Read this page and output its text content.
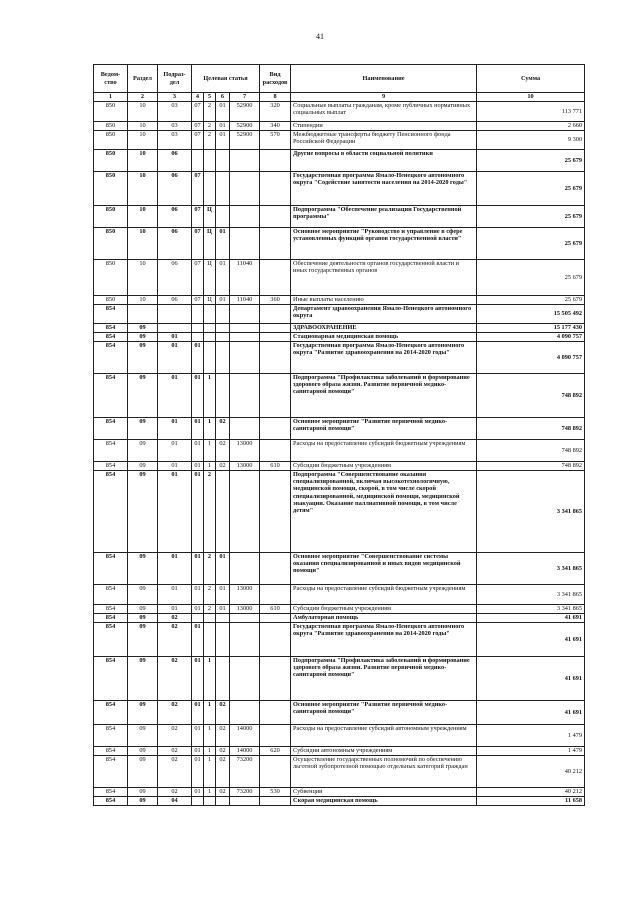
41
Ведом-ство	Раздел	Подраз-дел	Целевая статья				Вид расходов	Наименование	Сумма
1	2	3	4	5	6	7	8	9	10
850	10	03	07	2	01	52900	320	Социальные выплаты гражданам, кроме публичных нормативных социальных выплат	113 771
850	10	03	07	2	01	52900	340	Стипендии	2 660
850	10	03	07	2	01	52900	570	Межбюджетные трансферты бюджету Пенсионного фонда Российской Федерации	9 300
850	10	06						Другие вопросы в области социальной политики	25 679
850	10	06	07					Государственная программа Ямало-Ненецкого автономного округа "Содействие занятости населения на 2014-2020 годы"	25 679
850	10	06	07	Ц				Подпрограмма "Обеспечение реализации Государственной программы"	25 679
850	10	06	07	Ц	01			Основное мероприятие "Руководство и управление в сфере установленных функций органов государственной власти"	25 679
850	10	06	07	Ц	01	11040		Обеспечение деятельности органов государственной власти и иных государственных органов	25 679
850	10	06	07	Ц	01	11040	360	Иные выплаты населению	25 679
854								Департамент здравоохранения Ямало-Ненецкого автономного округа	15 505 492
854	09							ЗДРАВООХРАНЕНИЕ	15 177 430
854	09	01						Стационарная медицинская помощь	4 090 757
854	09	01	01					Государственная программа Ямало-Ненецкого автономного округа "Развитие здравоохранения на 2014-2020 годы"	4 090 757
854	09	01	01	1				Подпрограмма "Профилактика заболеваний и формирование здорового образа жизни. Развитие первичной медико-санитарной помощи"	748 892
854	09	01	01	1	02			Основное мероприятие "Развитие первичной медико-санитарной помощи"	748 892
854	09	01	01	1	02	13000		Расходы на предоставление субсидий бюджетным учреждениям	748 892
854	09	01	01	1	02	13000	610	Субсидии бюджетным учреждениям	748 892
854	09	01	01	2				Подпрограмма "Совершенствование оказания специализированной, включая высокотехнологичную, медицинской помощи, скорой, в том числе скорой специализированной, медицинской помощи, медицинской эвакуации. Оказание паллиативной помощи, в том числе детям"	3 341 865
854	09	01	01	2	01			Основное мероприятие "Совершенствование системы оказания специализированной и иных видов медицинской помощи"	3 341 865
854	09	01	01	2	01	13000		Расходы на предоставление субсидий бюджетным учреждениям	3 341 865
854	09	01	01	2	01	13000	610	Субсидии бюджетным учреждениям	3 341 865
854	09	02						Амбулаторная помощь	41 691
854	09	02	01					Государственная программа Ямало-Ненецкого автономного округа "Развитие здравоохранения на 2014-2020 годы"	41 691
854	09	02	01	1				Подпрограмма "Профилактика заболеваний и формирование здорового образа жизни. Развитие первичной медико-санитарной помощи"	41 691
854	09	02	01	1	02			Основное мероприятие "Развитие первичной медико-санитарной помощи"	41 691
854	09	02	01	1	02	14000		Расходы на предоставление субсидий автономным учреждениям	1 479
854	09	02	01	1	02	14000	620	Субсидии автономным учреждениям	1 479
854	09	02	01	1	02	73200		Осуществление государственных полномочий по обеспечению льготной зубопротезной помощью отдельных категорий граждан	40 212
854	09	02	01	1	02	73200	530	Субвенции	40 212
854	09	04						Скорая медицинская помощь	11 658
